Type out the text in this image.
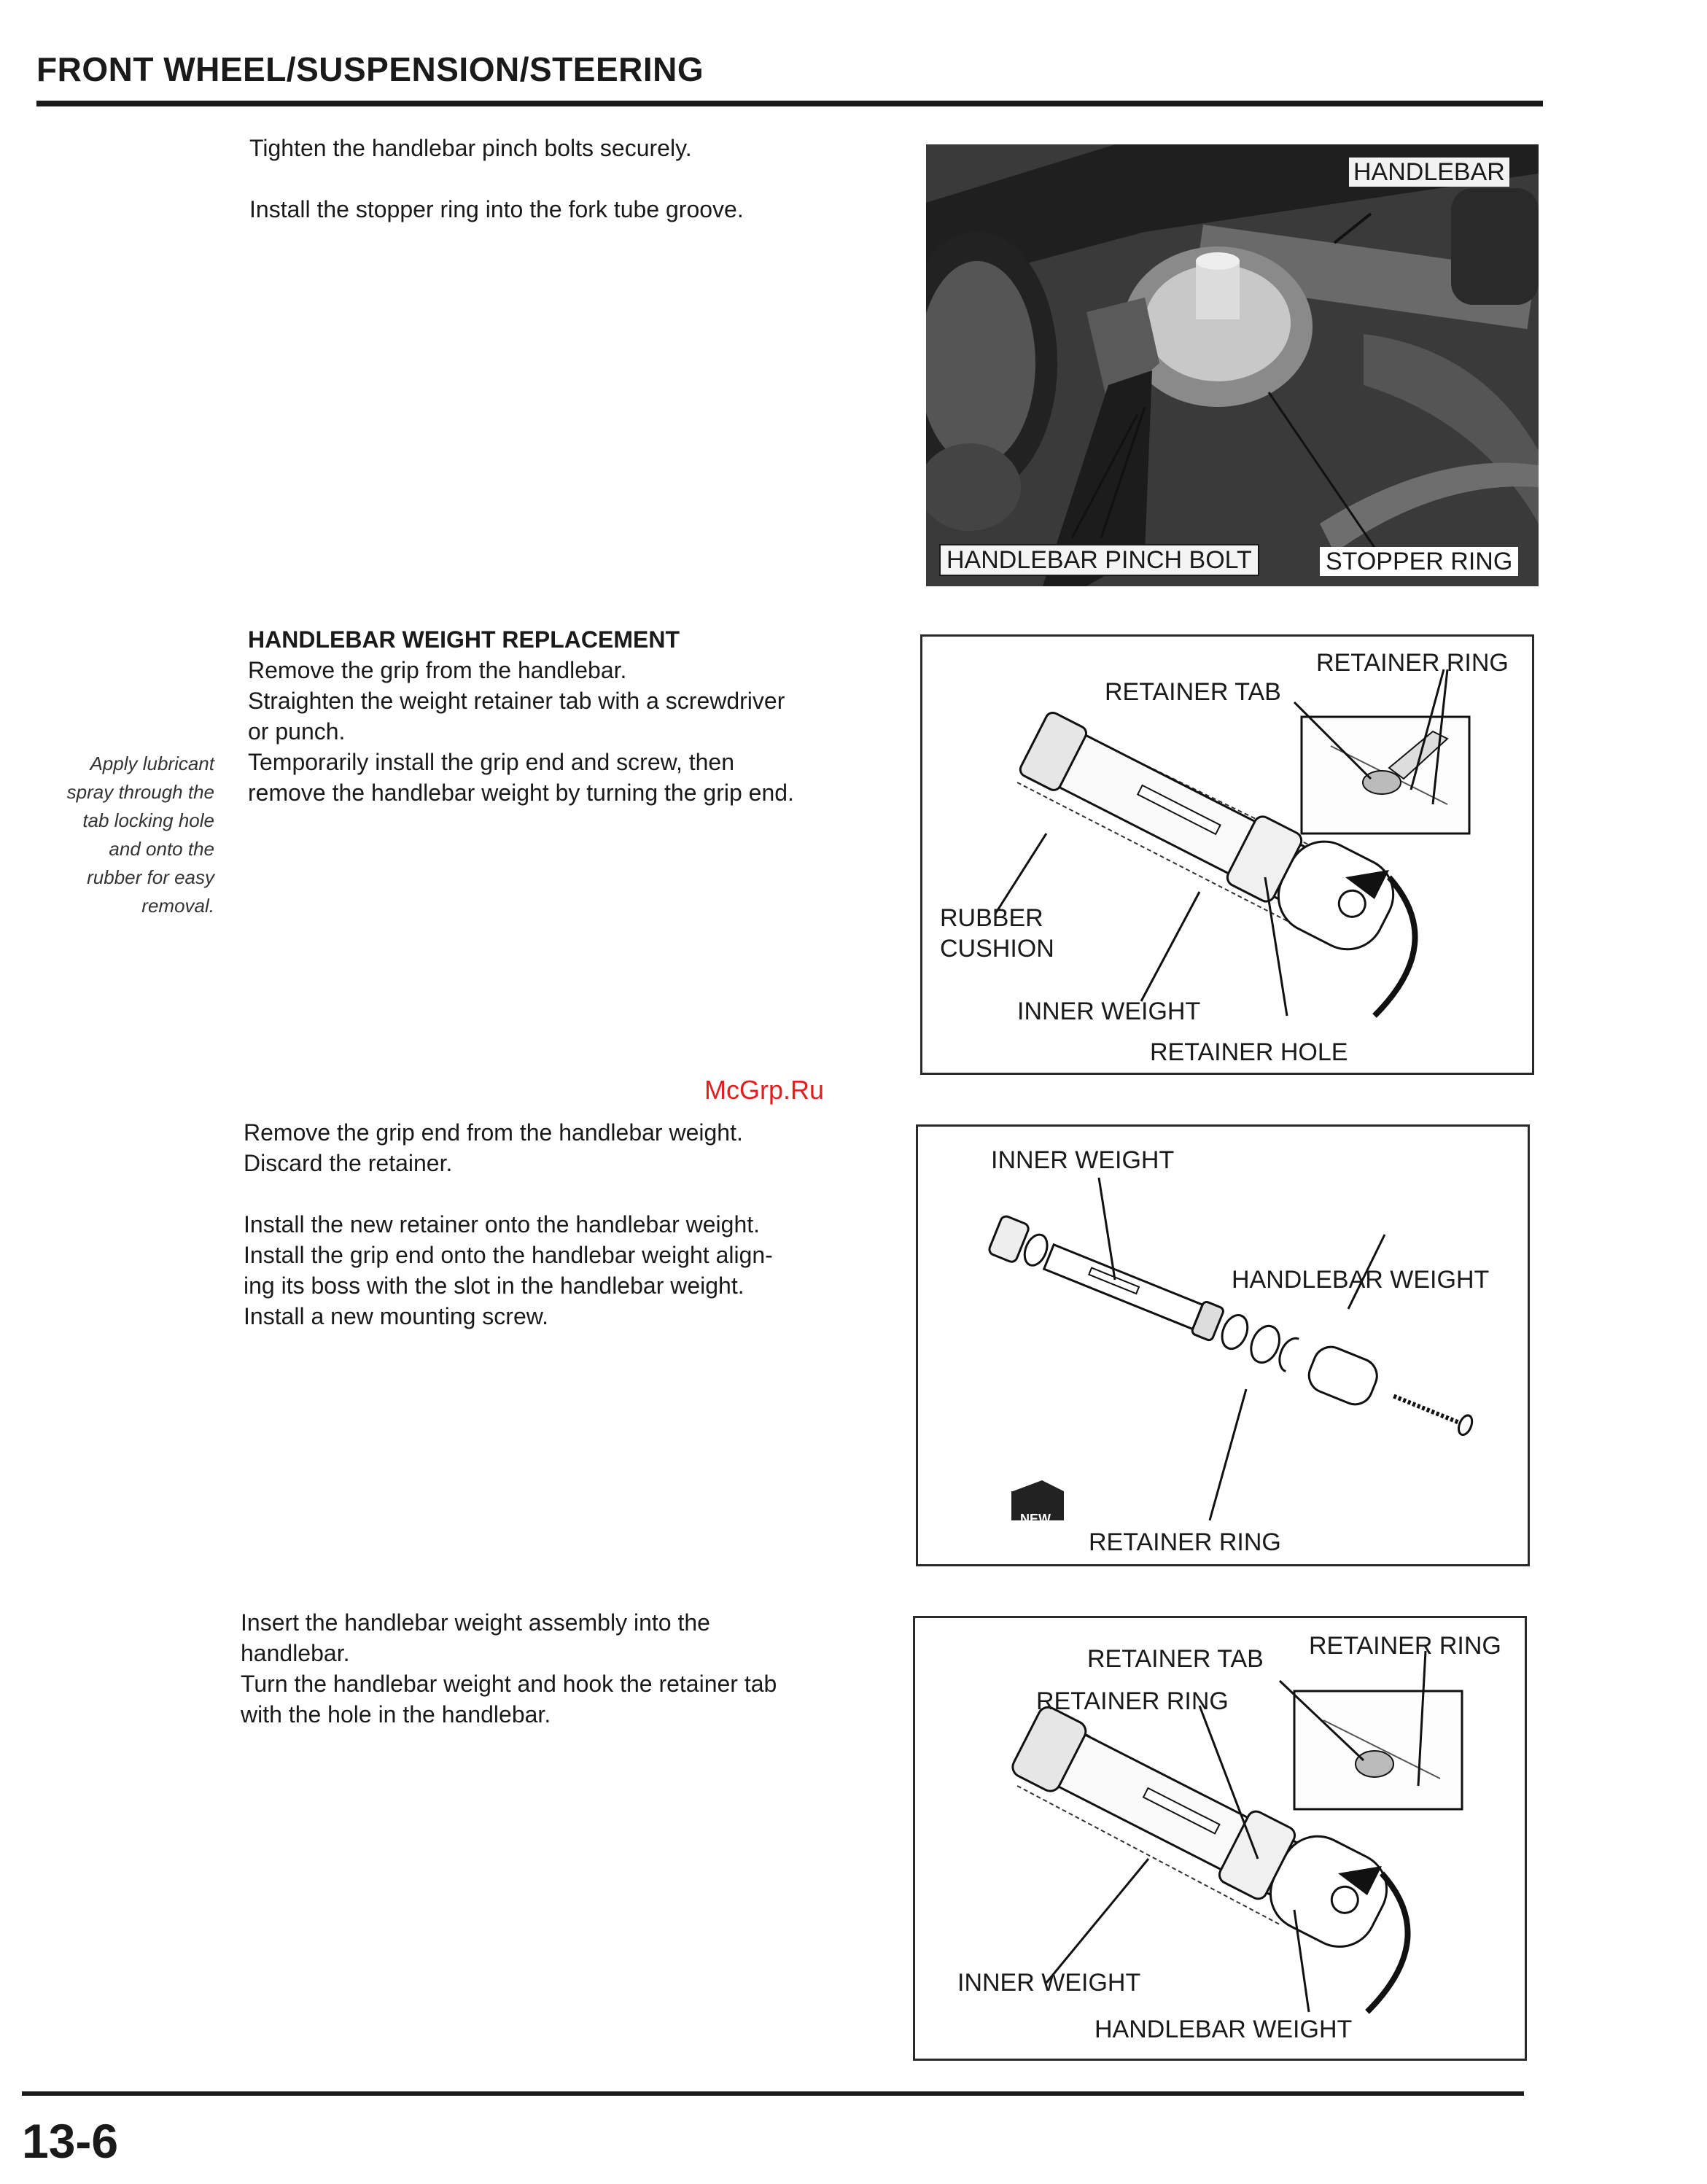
FRONT WHEEL/SUSPENSION/STEERING

Tighten the handlebar pinch bolts securely.

Install the stopper ring into the fork tube groove.

HANDLEBAR
HANDLEBAR PINCH BOLT	STOPPER RING

HANDLEBAR WEIGHT REPLACEMENT

Remove the grip from the handlebar.

Straighten the weight retainer tab with a screwdriver

or punch.

Temporarily install the grip end and screw, then

remove the handlebar weight by turning the grip end.

Apply lubricant

spray through the

tab locking hole

and onto the

rubber for easy

removal.

RETAINER RING
RETAINER TAB
RUBBER
CUSHION
INNER WEIGHT
RETAINER HOLE
McGrp.Ru

Remove the grip end from the handlebar weight.

Discard the retainer.

Install the new retainer onto the handlebar weight.

Install the grip end onto the handlebar weight align-

ing its boss with the slot in the handlebar weight.

Install a new mounting screw.

INNER WEIGHT
HANDLEBAR WEIGHT
RETAINER RING
NEW

Insert the handlebar weight assembly into the

handlebar.

Turn the handlebar weight and hook the retainer tab

with the hole in the handlebar.

RETAINER TAB RETAINER RING
RETAINER RING
INNER WEIGHT
HANDLEBAR WEIGHT
13-6
